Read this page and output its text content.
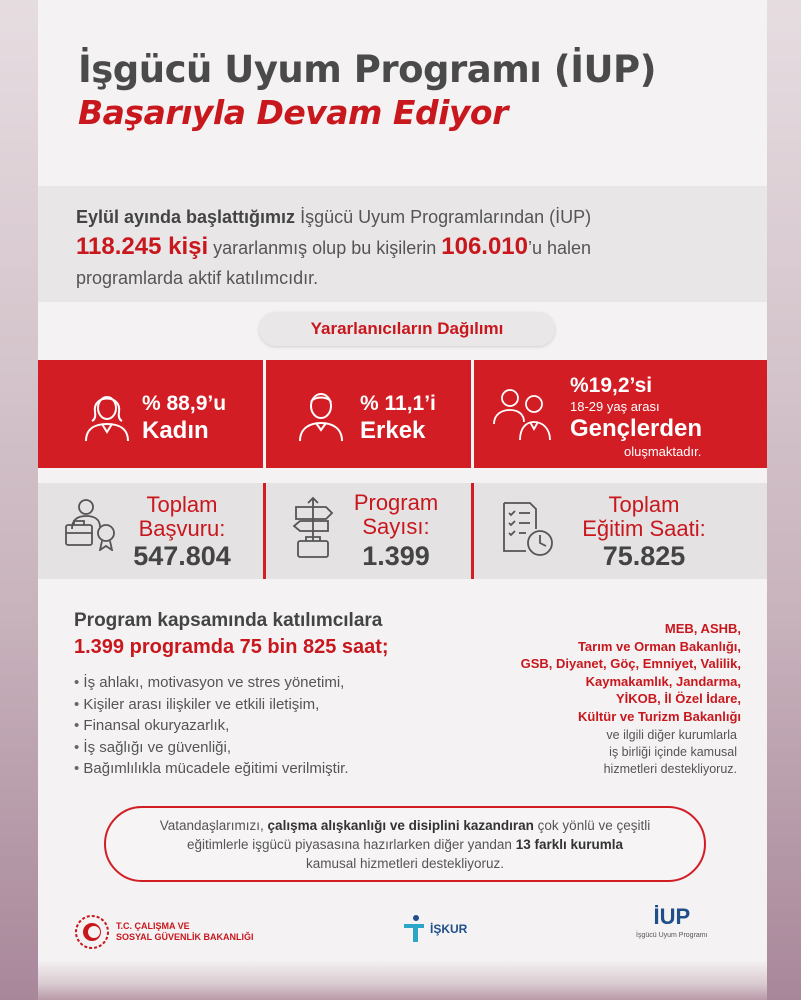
İşgücü Uyum Programı (İUP)
Başarıyla Devam Ediyor
Eylül ayında başlattığımız İşgücü Uyum Programlarından (İUP)
118.245 kişi yararlanmış olup bu kişilerin 106.010’u halen
programlarda aktif katılımcıdır.
Yararlanıcıların Dağılımı
% 88,9’u
Kadın
% 11,1’i
Erkek
%19,2’si
18-29 yaş arası
Gençlerden
oluşmaktadır.
Toplam
Başvuru:
547.804
Program
Sayısı:
1.399
Toplam
Eğitim Saati:
75.825
Program kapsamında katılımcılara
1.399 programda 75 bin 825 saat;
• İş ahlakı, motivasyon ve stres yönetimi,
• Kişiler arası ilişkiler ve etkili iletişim,
• Finansal okuryazarlık,
• İş sağlığı ve güvenliği,
• Bağımlılıkla mücadele eğitimi verilmiştir.
MEB, ASHB,
Tarım ve Orman Bakanlığı,
GSB, Diyanet, Göç, Emniyet, Valilik,
Kaymakamlık, Jandarma,
YİKOB, İl Özel İdare,
Kültür ve Turizm Bakanlığı
ve ilgili diğer kurumlarla
iş birliği içinde kamusal
hizmetleri destekliyoruz.
Vatandaşlarımızı, çalışma alışkanlığı ve disiplini kazandıran çok yönlü ve çeşitli
eğitimlerle işgücü piyasasına hazırlarken diğer yandan 13 farklı kurumla
kamusal hizmetleri destekliyoruz.
T.C. ÇALIŞMA VE
SOSYAL GÜVENLİK BAKANLIĞI
İŞKUR	İUP
İşgücü Uyum Programı
